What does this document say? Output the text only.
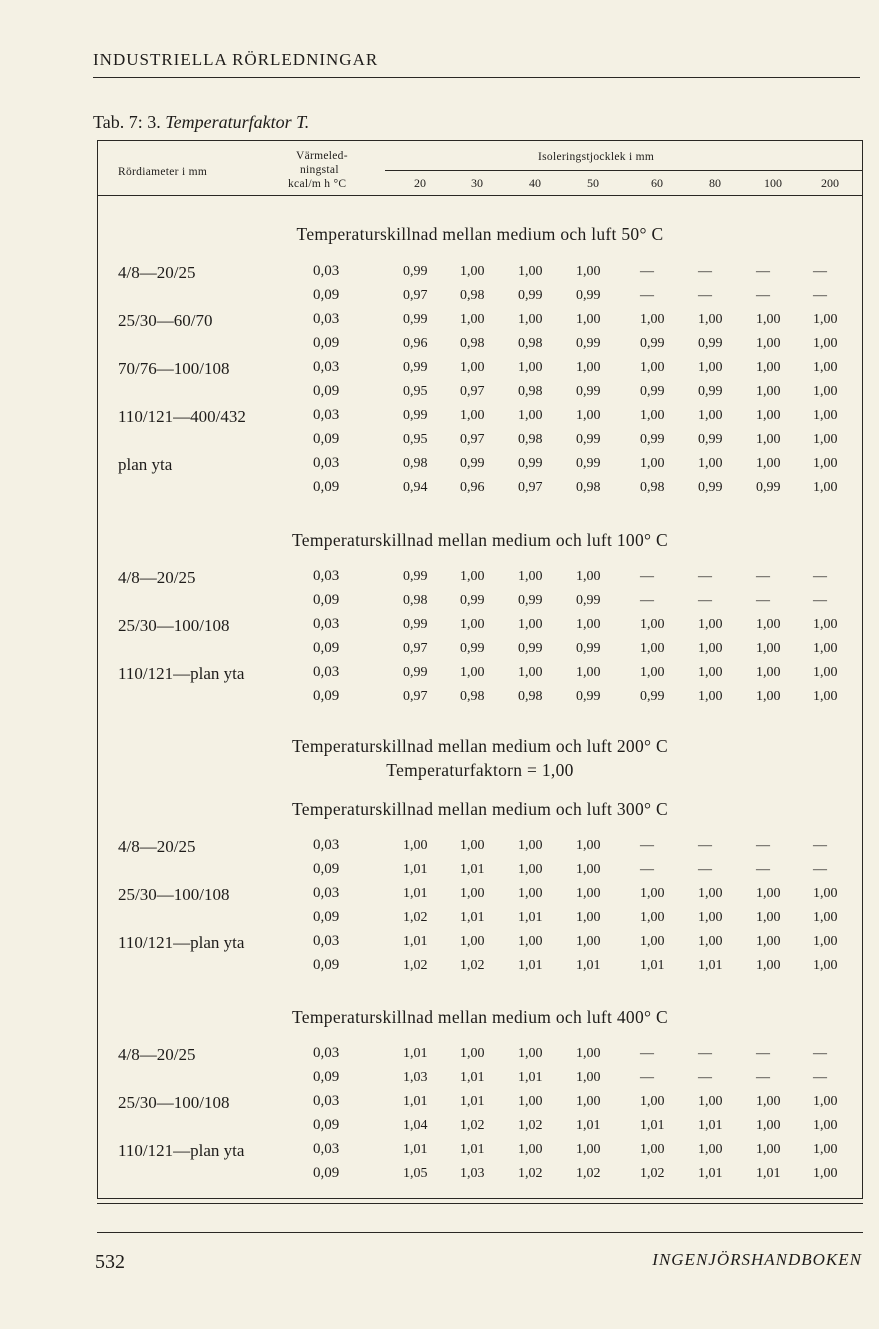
INDUSTRIELLA RÖRLEDNINGAR
Tab. 7: 3. Temperaturfaktor T.
Rördiameter i mm
Värmeled-
ningstal
kcal/m h °C
Isoleringstjocklek i mm
20	30	40	50	60	80	100	200
Temperaturskillnad mellan medium och luft 50° C
4/8—20/25	0,03	0,99 1,00 1,00 1,00	—	—	—	—
0,09	0,97 0,98 0,99 0,99	—	—	—	—
25/30—60/70	0,03	0,99 1,00 1,00 1,00	1,00 1,00 1,00 1,00
0,09	0,96 0,98 0,98 0,99	0,99 0,99 1,00 1,00
70/76—100/108	0,03	0,99 1,00 1,00 1,00	1,00 1,00 1,00 1,00
0,09	0,95 0,97 0,98 0,99	0,99 0,99 1,00 1,00
110/121—400/432	0,03	0,99 1,00 1,00 1,00	1,00 1,00 1,00 1,00
0,09	0,95 0,97 0,98 0,99	0,99 0,99 1,00 1,00
plan yta	0,03	0,98 0,99 0,99 0,99	1,00 1,00 1,00 1,00
0,09	0,94 0,96 0,97 0,98	0,98 0,99 0,99 1,00
Temperaturskillnad mellan medium och luft 100° C
4/8—20/25	0,03	0,99 1,00 1,00 1,00	—	—	—	—
0,09	0,98 0,99 0,99 0,99	—	—	—	—
25/30—100/108	0,03	0,99 1,00 1,00 1,00	1,00 1,00 1,00 1,00
0,09	0,97 0,99 0,99 0,99	1,00 1,00 1,00 1,00
110/121—plan yta	0,03	0,99 1,00 1,00 1,00	1,00 1,00 1,00 1,00
0,09	0,97 0,98 0,98 0,99	0,99 1,00 1,00 1,00
Temperaturskillnad mellan medium och luft 200° C
Temperaturfaktorn = 1,00
Temperaturskillnad mellan medium och luft 300° C
4/8—20/25	0,03	1,00 1,00 1,00 1,00	—	—	—	—
0,09	1,01 1,01 1,00 1,00	—	—	—	—
25/30—100/108	0,03	1,01 1,00 1,00 1,00	1,00 1,00 1,00 1,00
0,09	1,02 1,01 1,01 1,00	1,00 1,00 1,00 1,00
110/121—plan yta	0,03	1,01 1,00 1,00 1,00	1,00 1,00 1,00 1,00
0,09	1,02 1,02 1,01 1,01	1,01 1,01 1,00 1,00
Temperaturskillnad mellan medium och luft 400° C
4/8—20/25	0,03	1,01 1,00 1,00 1,00	—	—	—	—
0,09	1,03 1,01 1,01 1,00	—	—	—	—
25/30—100/108	0,03	1,01 1,01 1,00 1,00	1,00 1,00 1,00 1,00
0,09	1,04 1,02 1,02 1,01	1,01 1,01 1,00 1,00
110/121—plan yta	0,03	1,01 1,01 1,00 1,00	1,00 1,00 1,00 1,00
0,09	1,05 1,03 1,02 1,02	1,02 1,01 1,01 1,00
532	INGENJÖRSHANDBOKEN
